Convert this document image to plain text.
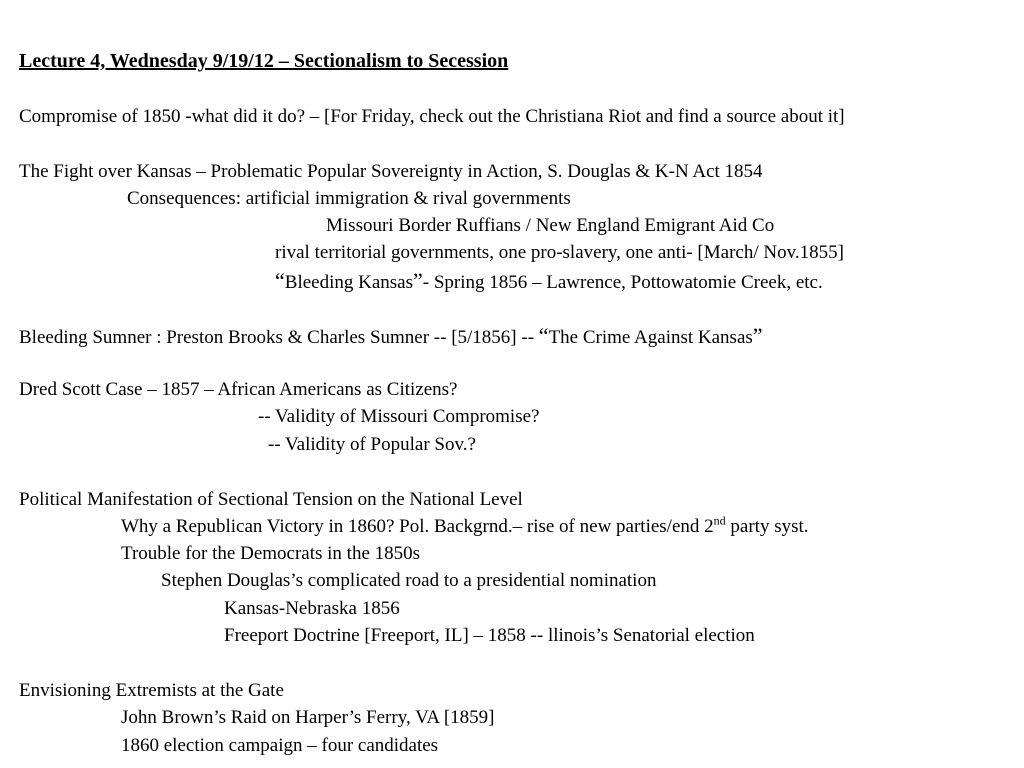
Lecture 4, Wednesday 9/19/12 – Sectionalism to Secession
Compromise of 1850 -what did it do? – [For Friday, check out the Christiana Riot and find a source about it]
The Fight over Kansas – Problematic Popular Sovereignty in Action, S. Douglas & K-N Act 1854
Consequences: artificial immigration & rival governments
Missouri Border Ruffians / New England Emigrant Aid Co
rival territorial governments, one pro-slavery, one anti- [March/ Nov.1855]
“Bleeding Kansas”- Spring 1856 – Lawrence, Pottowatomie Creek, etc.
Bleeding Sumner : Preston Brooks & Charles Sumner -- [5/1856] -- “The Crime Against Kansas”
Dred Scott Case – 1857 – African Americans as Citizens?
-- Validity of Missouri Compromise?
-- Validity of Popular Sov.?
Political Manifestation of Sectional Tension on the National Level
Why a Republican Victory in 1860? Pol. Backgrnd.– rise of new parties/end 2nd party syst.
Trouble for the Democrats in the 1850s
Stephen Douglas’s complicated road to a presidential nomination
Kansas-Nebraska 1856
Freeport Doctrine [Freeport, IL] – 1858 -- llinois’s Senatorial election
Envisioning Extremists at the Gate
John Brown’s Raid on Harper’s Ferry, VA [1859]
1860 election campaign – four candidates
